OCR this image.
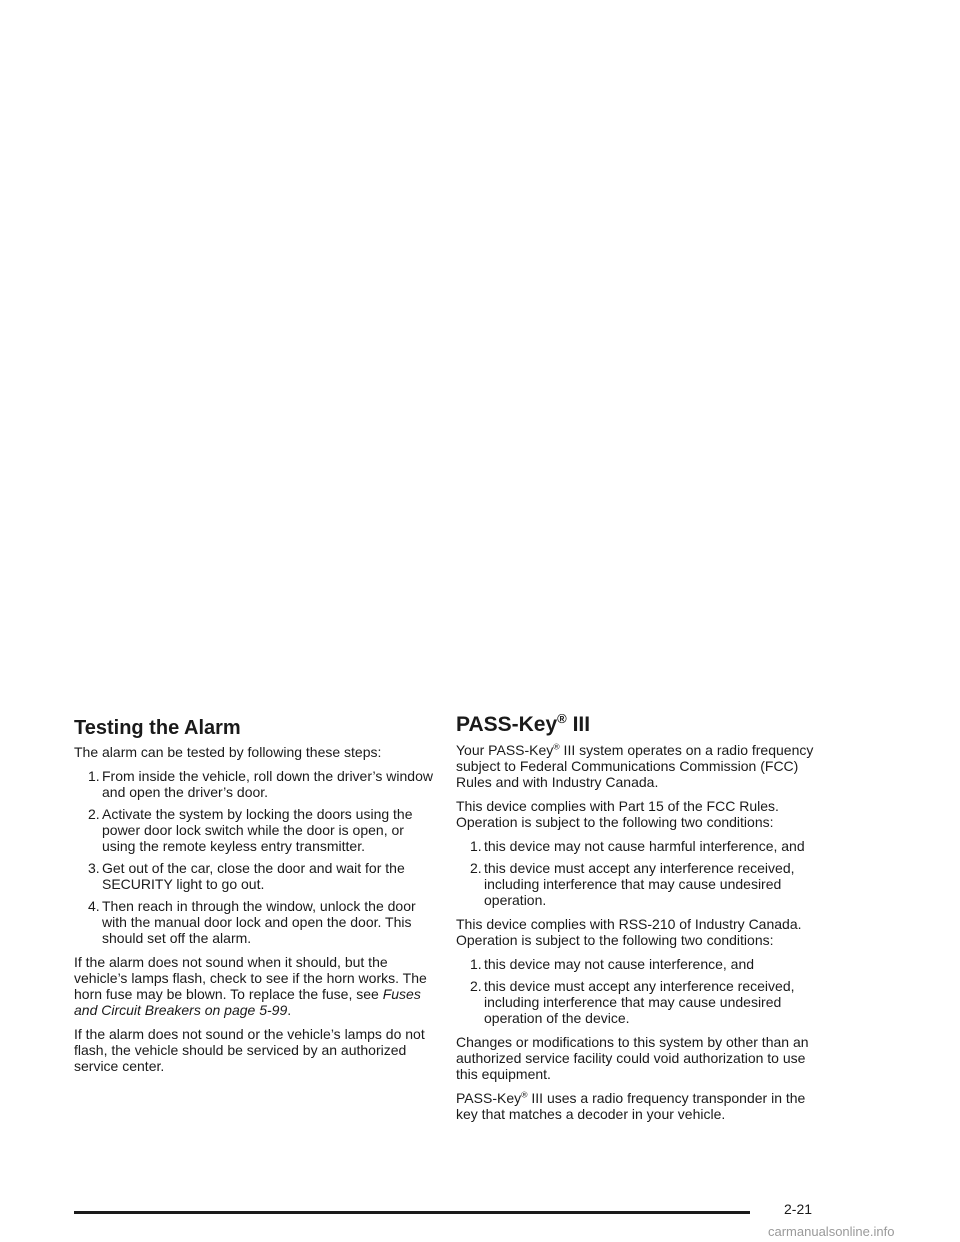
Testing the Alarm

The alarm can be tested by following these steps:

1. From inside the vehicle, roll down the driver’s window and open the driver’s door.
2. Activate the system by locking the doors using the power door lock switch while the door is open, or using the remote keyless entry transmitter.
3. Get out of the car, close the door and wait for the SECURITY light to go out.
4. Then reach in through the window, unlock the door with the manual door lock and open the door. This should set off the alarm.

If the alarm does not sound when it should, but the vehicle’s lamps flash, check to see if the horn works. The horn fuse may be blown. To replace the fuse, see Fuses and Circuit Breakers on page 5-99.

If the alarm does not sound or the vehicle’s lamps do not flash, the vehicle should be serviced by an authorized service center.

PASS-Key® III

Your PASS-Key® III system operates on a radio frequency subject to Federal Communications Commission (FCC) Rules and with Industry Canada.

This device complies with Part 15 of the FCC Rules. Operation is subject to the following two conditions:

1. this device may not cause harmful interference, and
2. this device must accept any interference received, including interference that may cause undesired operation.

This device complies with RSS-210 of Industry Canada. Operation is subject to the following two conditions:

1. this device may not cause interference, and
2. this device must accept any interference received, including interference that may cause undesired operation of the device.

Changes or modifications to this system by other than an authorized service facility could void authorization to use this equipment.

PASS-Key® III uses a radio frequency transponder in the key that matches a decoder in your vehicle.

2-21
carmanualsonline.info
